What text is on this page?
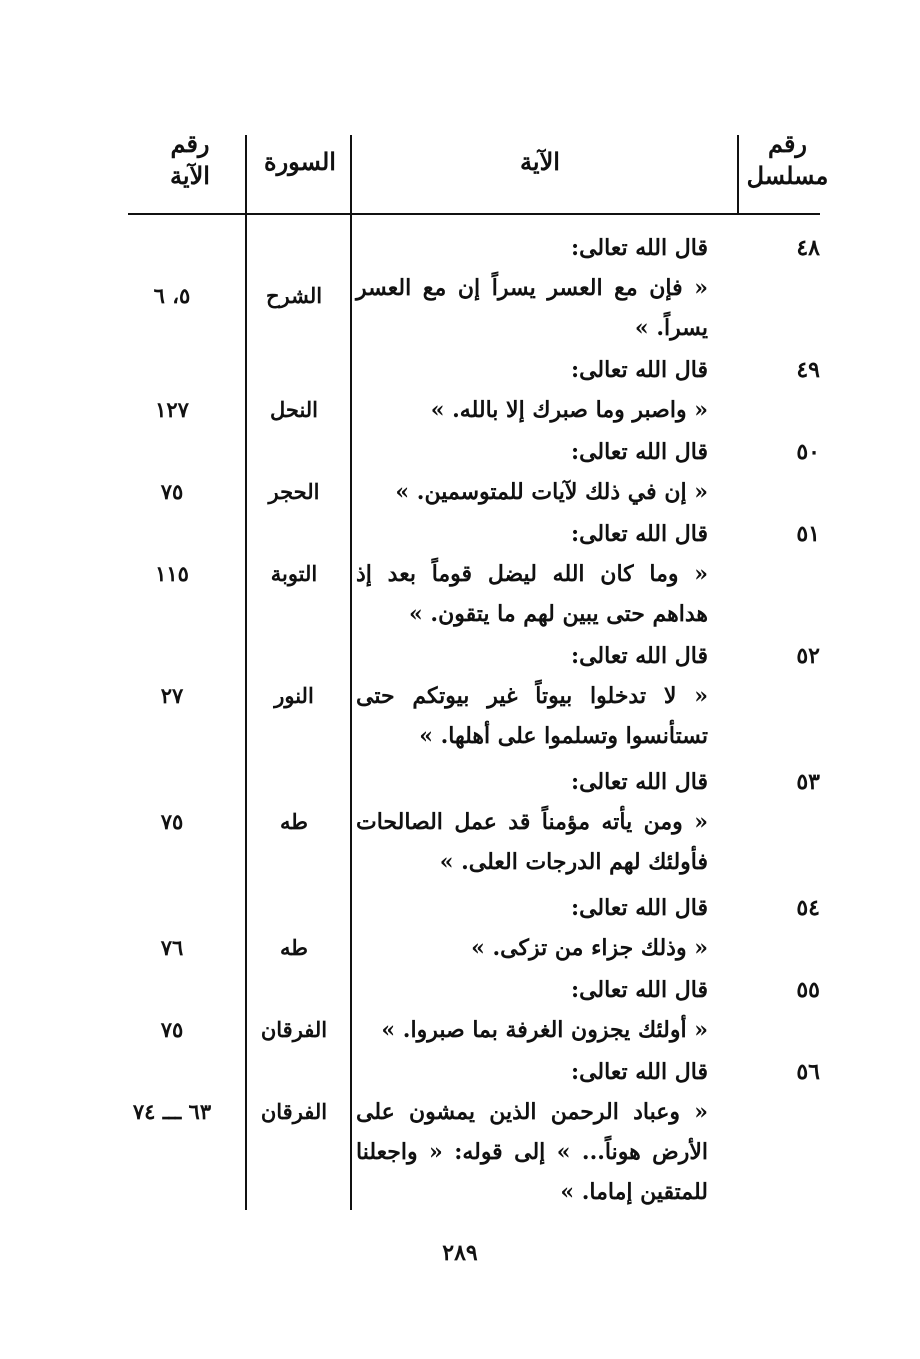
رقم
مسلسل
الآية
السورة
رقم
الآية
٤٨
قال الله تعالى:
« فإن مع العسر يسراً إن مع العسر يسراً. »
الشرح
٥، ٦
٤٩
قال الله تعالى:
« واصبر وما صبرك إلا بالله. »
النحل
١٢٧
٥٠
قال الله تعالى:
« إن في ذلك لآيات للمتوسمين. »
الحجر
٧٥
٥١
قال الله تعالى:
« وما كان الله ليضل قوماً بعد إذ هداهم حتى يبين لهم ما يتقون. »
التوبة
١١٥
٥٢
قال الله تعالى:
« لا تدخلوا بيوتاً غير بيوتكم حتى تستأنسوا وتسلموا على أهلها. »
النور
٢٧
٥٣
قال الله تعالى:
« ومن يأته مؤمناً قد عمل الصالحات فأولئك لهم الدرجات العلى. »
طه
٧٥
٥٤
قال الله تعالى:
« وذلك جزاء من تزكى. »
طه
٧٦
٥٥
قال الله تعالى:
« أولئك يجزون الغرفة بما صبروا. »
الفرقان
٧٥
٥٦
قال الله تعالى:
« وعباد الرحمن الذين يمشون على الأرض هوناً... » إلى قوله: « واجعلنا للمتقين إماما. »
الفرقان
٦٣ ـــ ٧٤
٢٨٩
